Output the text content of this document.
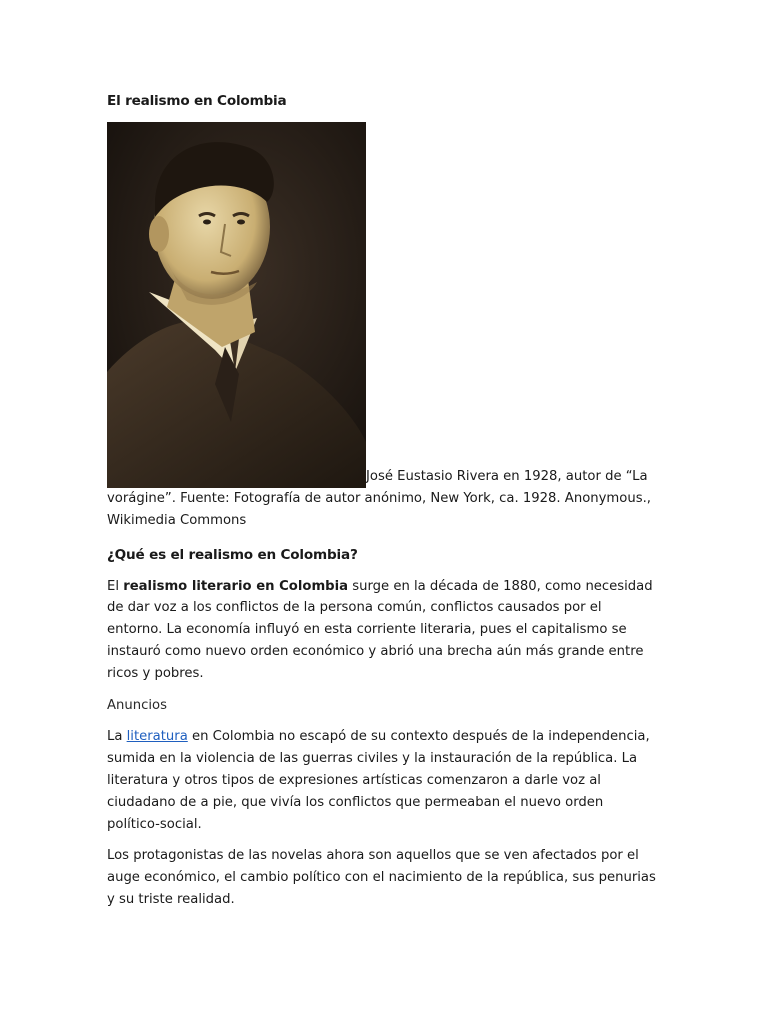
El realismo en Colombia

José Eustasio Rivera en 1928, autor de “La vorágine”. Fuente: Fotografía de autor anónimo, New York, ca. 1928. Anonymous., Wikimedia Commons

¿Qué es el realismo en Colombia?

El realismo literario en Colombia surge en la década de 1880, como necesidad de dar voz a los conflictos de la persona común, conflictos causados por el entorno. La economía influyó en esta corriente literaria, pues el capitalismo se instauró como nuevo orden económico y abrió una brecha aún más grande entre ricos y pobres.

Anuncios

La literatura en Colombia no escapó de su contexto después de la independencia, sumida en la violencia de las guerras civiles y la instauración de la república. La literatura y otros tipos de expresiones artísticas comenzaron a darle voz al ciudadano de a pie, que vivía los conflictos que permeaban el nuevo orden político-social.

Los protagonistas de las novelas ahora son aquellos que se ven afectados por el auge económico, el cambio político con el nacimiento de la república, sus penurias y su triste realidad.
